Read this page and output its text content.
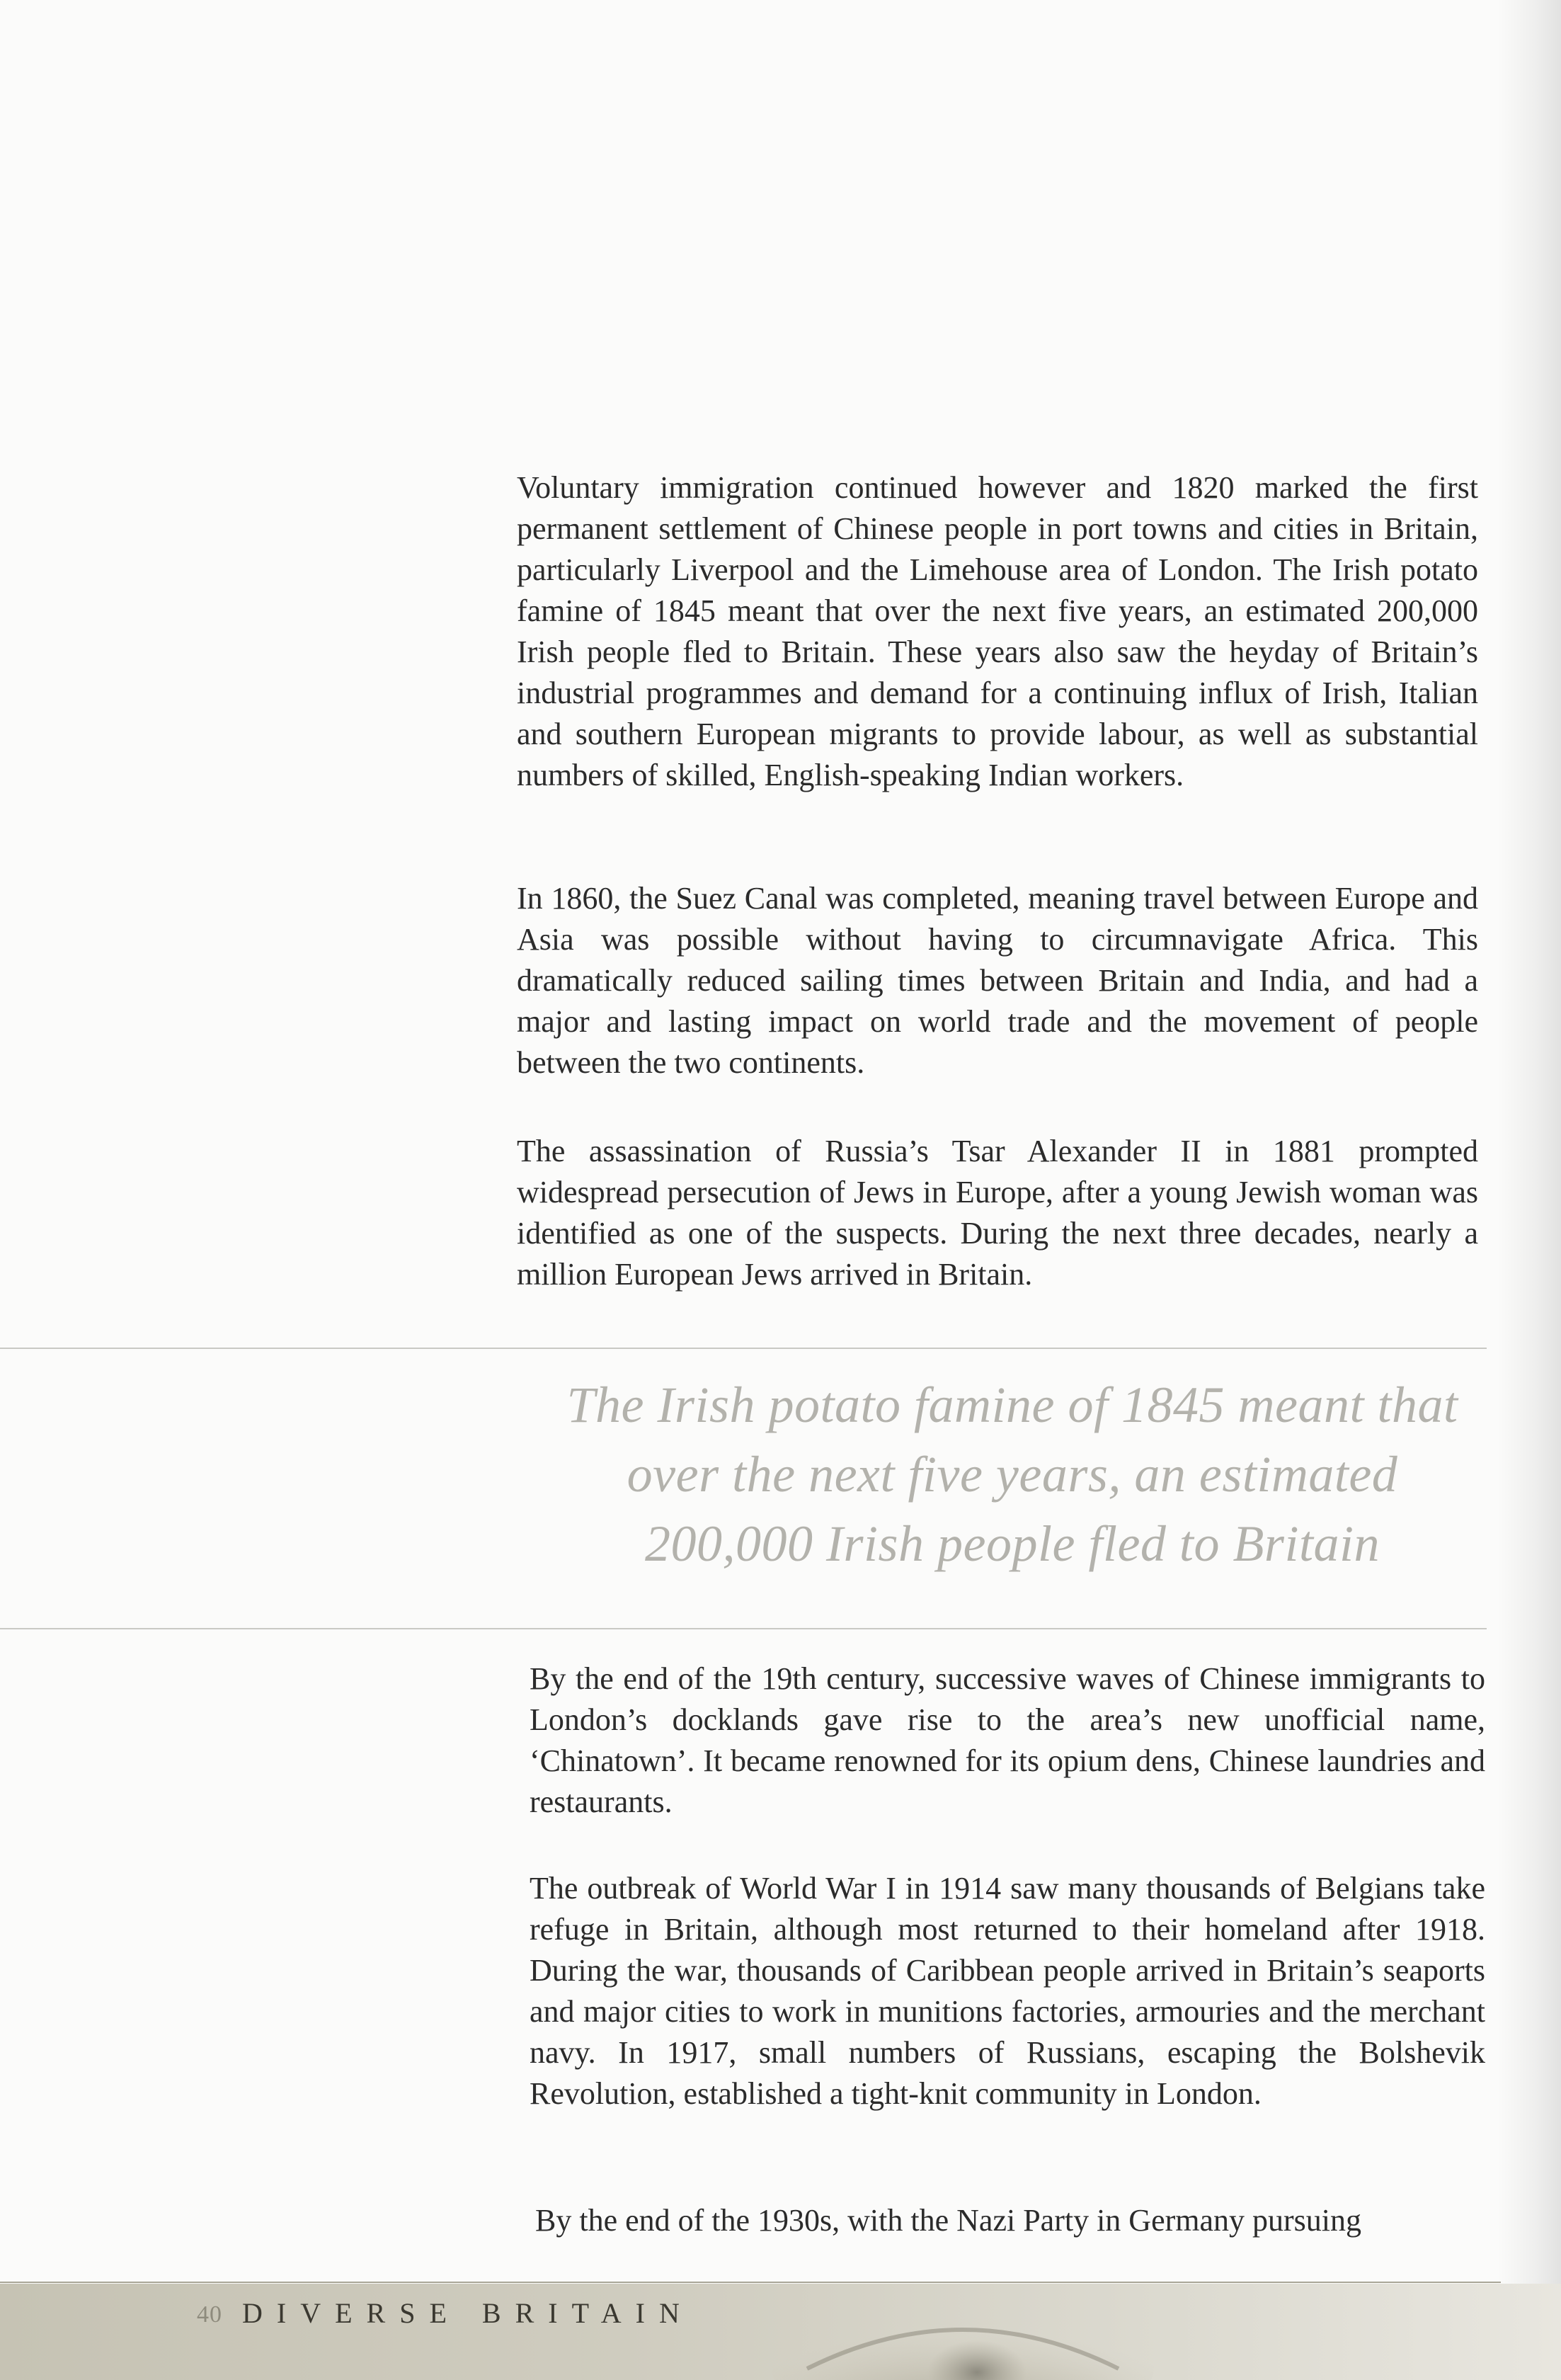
Voluntary immigration continued however and 1820 marked the first permanent settlement of Chinese people in port towns and cities in Britain, particularly Liverpool and the Limehouse area of London. The Irish potato famine of 1845 meant that over the next five years, an estimated 200,000 Irish people fled to Britain. These years also saw the heyday of Britain’s industrial programmes and demand for a continuing influx of Irish, Italian and southern European migrants to provide labour, as well as substantial numbers of skilled, English-speaking Indian workers.

In 1860, the Suez Canal was completed, meaning travel between Europe and Asia was possible without having to circumnavigate Africa. This dramatically reduced sailing times between Britain and India, and had a major and lasting impact on world trade and the movement of people between the two continents.

The assassination of Russia’s Tsar Alexander II in 1881 prompted widespread persecution of Jews in Europe, after a young Jewish woman was identified as one of the suspects. During the next three decades, nearly a million European Jews arrived in Britain.

The Irish potato famine of 1845 meant that over the next five years, an estimated 200,000 Irish people fled to Britain

By the end of the 19th century, successive waves of Chinese immigrants to London’s docklands gave rise to the area’s new unofficial name, ‘Chinatown’. It became renowned for its opium dens, Chinese laundries and restaurants.

The outbreak of World War I in 1914 saw many thousands of Belgians take refuge in Britain, although most returned to their homeland after 1918. During the war, thousands of Caribbean people arrived in Britain’s seaports and major cities to work in munitions factories, armouries and the merchant navy. In 1917, small numbers of Russians, escaping the Bolshevik Revolution, established a tight-knit community in London.

By the end of the 1930s, with the Nazi Party in Germany pursuing

40 DIVERSE BRITAIN
